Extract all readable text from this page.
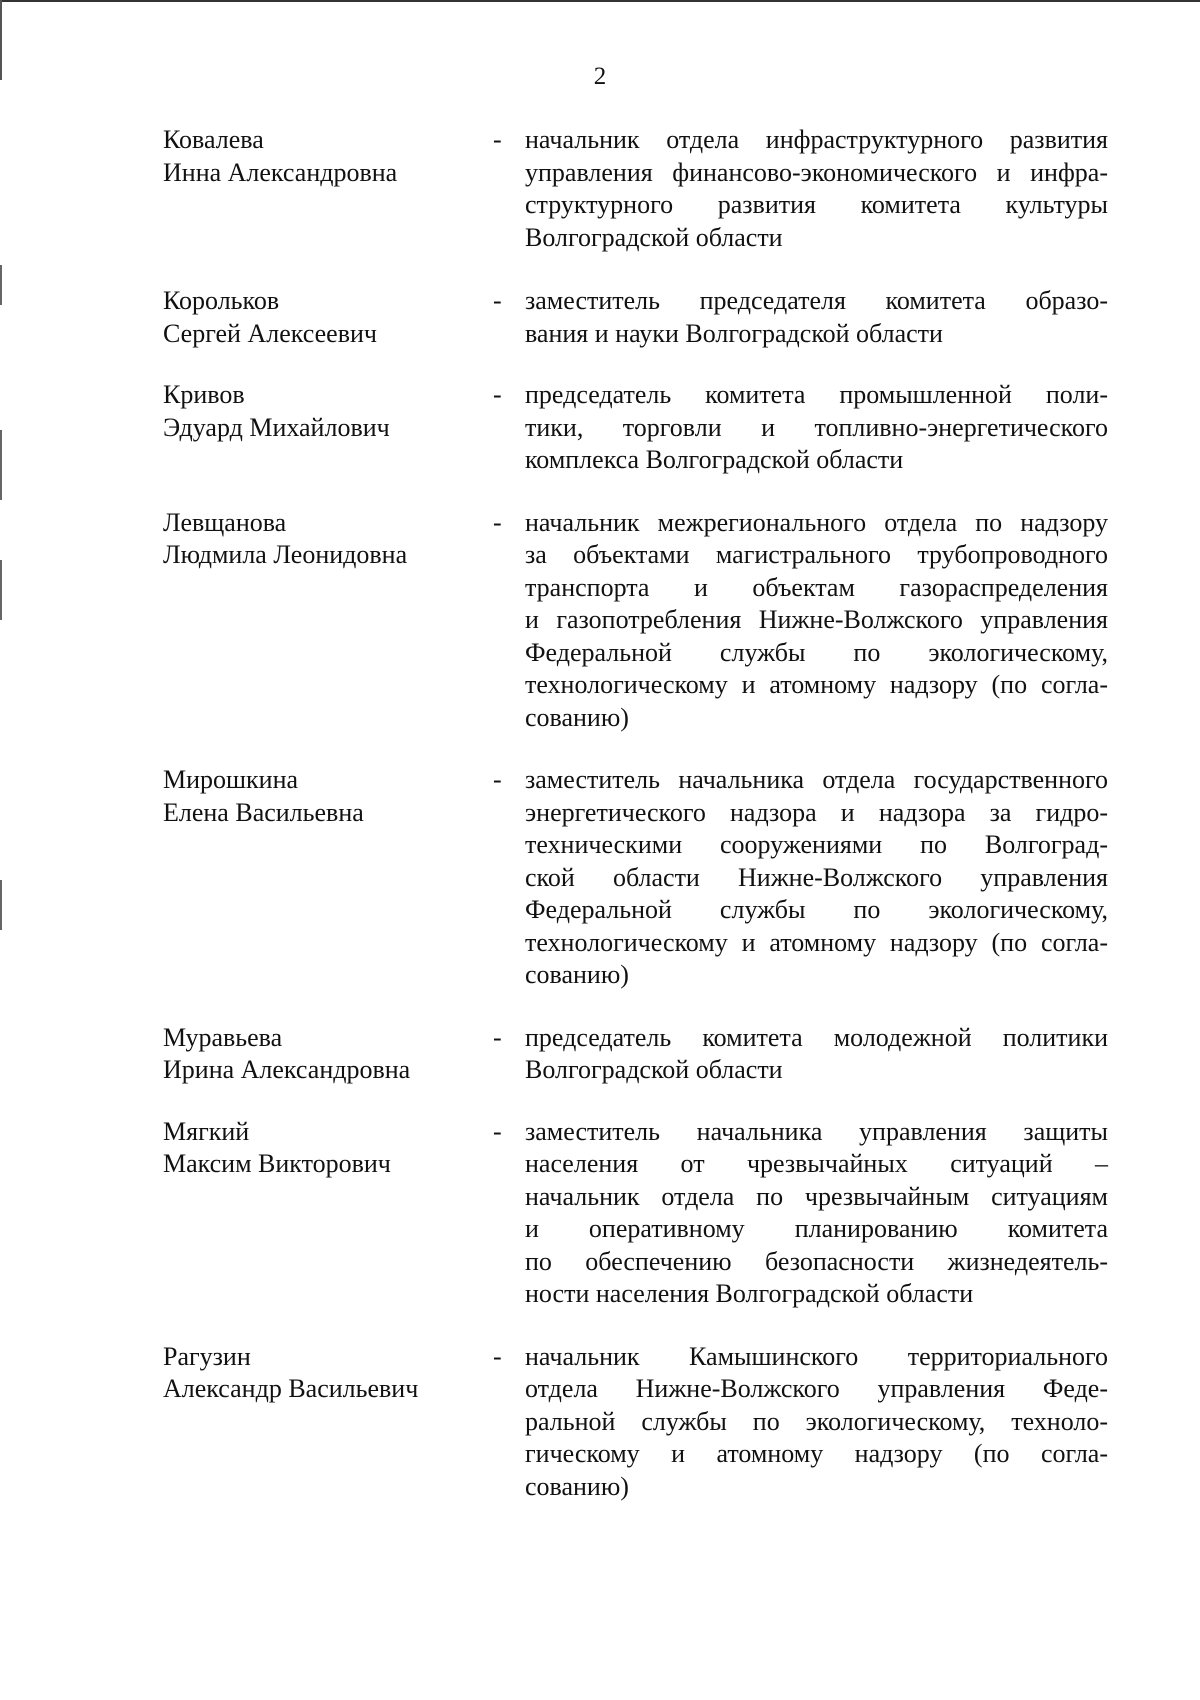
2
Ковалева
Инна Александровна
- начальник отдела инфраструктурного развития
управления финансово-экономического и инфра-
структурного развития комитета культуры
Волгоградской области
Корольков
Сергей Алексеевич
- заместитель председателя комитета образо-
вания и науки Волгоградской области
Кривов
Эдуард Михайлович
- председатель комитета промышленной поли-
тики, торговли и топливно-энергетического
комплекса Волгоградской области
Левщанова
Людмила Леонидовна
- начальник межрегионального отдела по надзору
за объектами магистрального трубопроводного
транспорта и объектам газораспределения
и газопотребления Нижне-Волжского управления
Федеральной службы по экологическому,
технологическому и атомному надзору (по согла-
сованию)
Мирошкина
Елена Васильевна
- заместитель начальника отдела государственного
энергетического надзора и надзора за гидро-
техническими сооружениями по Волгоград-
ской области Нижне-Волжского управления
Федеральной службы по экологическому,
технологическому и атомному надзору (по согла-
сованию)
Муравьева
Ирина Александровна
- председатель комитета молодежной политики
Волгоградской области
Мягкий
Максим Викторович
- заместитель начальника управления защиты
населения от чрезвычайных ситуаций –
начальник отдела по чрезвычайным ситуациям
и оперативному планированию комитета
по обеспечению безопасности жизнедеятель-
ности населения Волгоградской области
Рагузин
Александр Васильевич
- начальник Камышинского территориального
отдела Нижне-Волжского управления Феде-
ральной службы по экологическому, техноло-
гическому и атомному надзору (по согла-
сованию)
